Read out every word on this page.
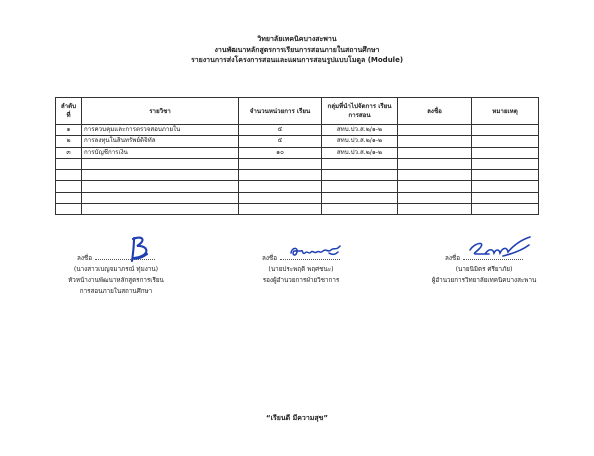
วิทยาลัยเทคนิคบางสะพาน
งานพัฒนาหลักสูตรการเรียนการสอนภายในสถานศึกษา
รายงานการส่งโครงการสอนและแผนการสอนรูปแบบโมดูล (Module)
ลำดับ ที่	รายวิชา	จำนวนหน่วยการ เรียน	กลุ่มที่นำไปจัดการ เรียนการสอน	ลงชื่อ	หมายเหตุ
๑	การควบคุมและการตรวจสอบภายใน	๕	สทบ.ปว.ส.๒/๑-๒		
๒	การลงทุนในสินทรัพย์ดิจิทัล	๕	สทบ.ปว.ส.๒/๑-๒		
๓	การบัญชีการเงิน	๑๐	สทบ.ปว.ส.๒/๑-๒		

ลงชื่อ
(นางสาวเบญจมาภรณ์ ทุ่มงาน)
หัวหน้างานพัฒนาหลักสูตรการเรียน
การสอนภายในสถานศึกษา
ลงชื่อ
(นายประพฤติ พฤศชนะ)
รองผู้อำนวยการฝ่ายวิชาการ
ลงชื่อ
(นายนิมิตร ศรียาภัย)
ผู้อำนวยการวิทยาลัยเทคนิคบางสะพาน
“เรียนดี มีความสุข”
